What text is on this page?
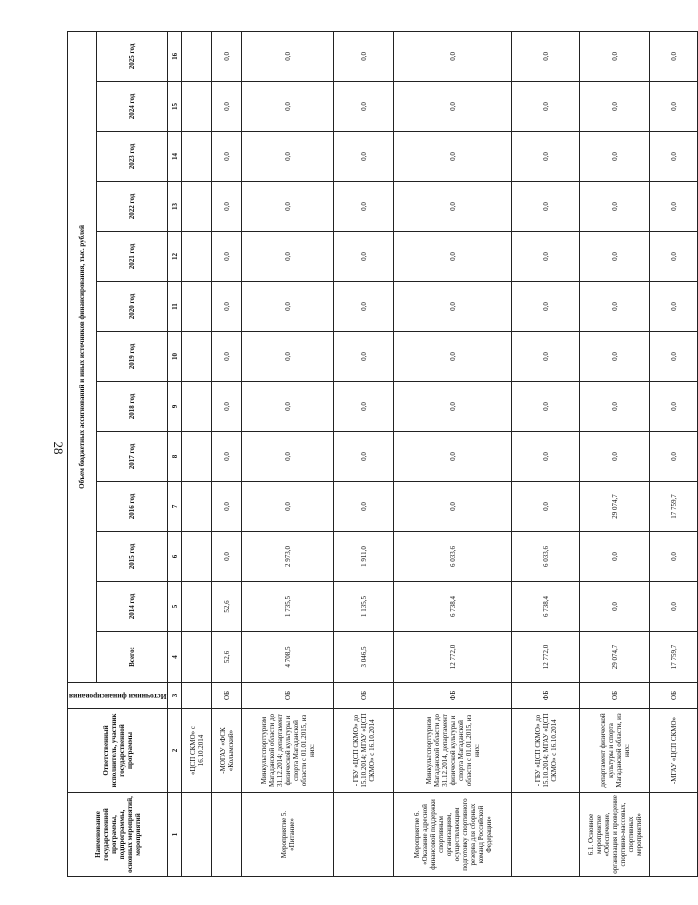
28
Наименование государственной программы, подпрограммы, основных мероприятий, мероприятий	Ответственный исполнитель, участник государственной программы	Источники финансирования	Объем бюджетных ассигнований и иных источников финансирования, тыс. рублей												
			Всего:	2014 год	2015 год	2016 год	2017 год	2018 год	2019 год	2020 год	2021 год	2022 год	2023 год	2024 год	2025 год
1	2	3	4	5	6	7	8	9	10	11	12	13	14	15	16
	«ЦСП СКМО» с 16.10.2014														
	-МОГАУ «ФСК «Колымский»	ОБ	52,6	52,6	0,0	0,0	0,0	0,0	0,0	0,0	0,0	0,0	0,0	0,0	0,0
Мероприятие 5. «Питание»	Минкультспорттуризм Магаданской области до 31.12.2014; департамент физической культуры и спорта Магаданской области с 01.01.2015, из них:	ОБ	4 708,5	1 735,5	2 973,0	0,0	0,0	0,0	0,0	0,0	0,0	0,0	0,0	0,0	0,0
	- ГБУ «ЦСП СКМО» до 15.10.2014; МГАУ «ЦСП СКМО» с 16.10.2014	ОБ	3 046,5	1 135,5	1 911,0	0,0	0,0	0,0	0,0	0,0	0,0	0,0	0,0	0,0	0,0
Мероприятие 6. «Оказание адресной финансовой поддержки спортивным организациям, осуществляющим подготовку спортивного резерва для сборных команд Российской Федерации»	Минкультспорттуризм Магаданской области до 31.12.2014, департамент физической культуры и спорта Магаданской области с 01.01.2015, из них:	ФБ	12 772,0	6 738,4	6 033,6	0,0	0,0	0,0	0,0	0,0	0,0	0,0	0,0	0,0	0,0
	- ГБУ «ЦСП СКМО» до 15.10.2014; МГАУ «ЦСП СКМО» с 16.10.2014	ФБ	12 772,0	6 738,4	6 033,6	0,0	0,0	0,0	0,0	0,0	0,0	0,0	0,0	0,0	0,0
6.1. Основное мероприятие «Обеспечение, организация и проведение спортивно-массовых, спортивных мероприятий»	департамент физической культуры и спорта Магаданской области, из них:	ОБ	29 074,7	0,0	0,0	29 074,7	0,0	0,0	0,0	0,0	0,0	0,0	0,0	0,0	0,0
	-МГАУ «ЦСП СКМО»	ОБ	17 759,7	0,0	0,0	17 759,7	0,0	0,0	0,0	0,0	0,0	0,0	0,0	0,0	0,0
